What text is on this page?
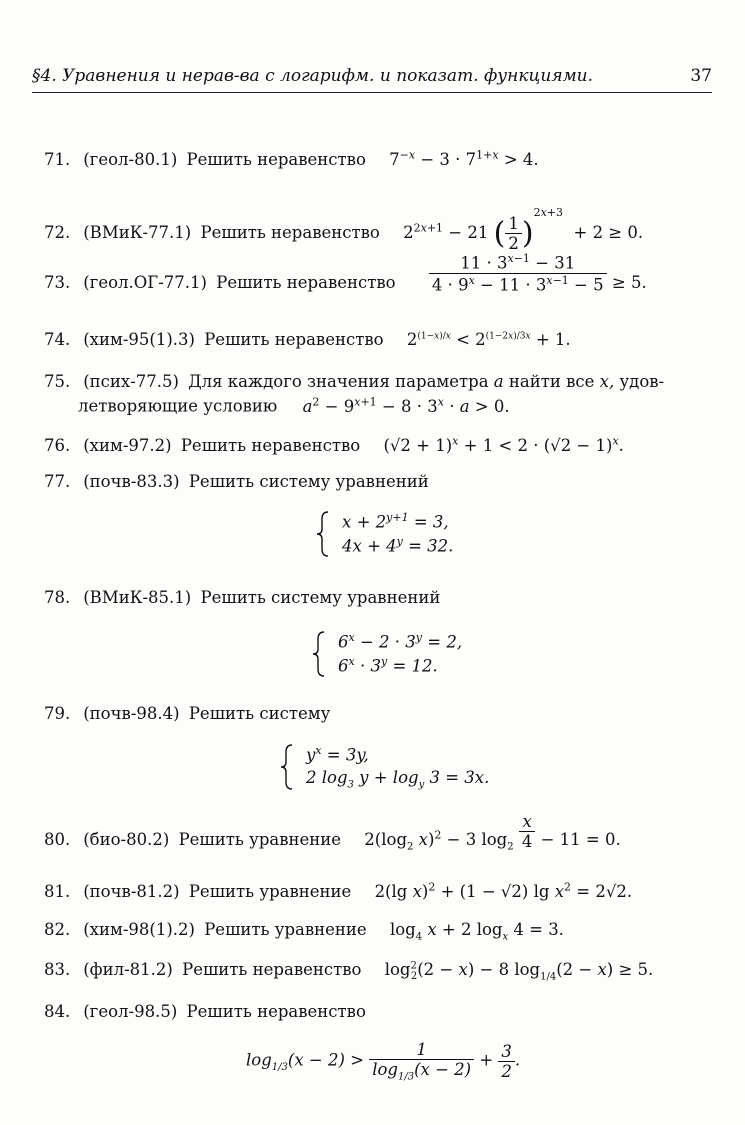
§4. Уравнения и нерав-ва с логарифм. и показат. функциями.	37
71. (геол-80.1) Решить неравенство $7^{-x} - 3 \cdot 7^{1+x} > 4$.
72. (ВМиК-77.1) Решить неравенство $2^{2x+1} - 21$ ( $\frac{1}{2} )^{2x+3} + 2 \ge 0$.
73. (геол.ОГ-77.1) Решить неравенство $\frac{11 \cdot 3^{x-1} - 31}{4 \cdot 9^x - 11 \cdot 3^{x-1} - 5} \ge 5$.
74. (хим-95(1).3) Решить неравенство $2^{(1-x)/x} < 2^{(1-2x)/3x} + 1$.
75. (псих-77.5) Для каждого значения параметра a найти все x, удов-
летворяющие условию $a^2 - 9^{x+1} - 8 \cdot 3^x \cdot a > 0$.
76. (хим-97.2) Решить неравенство $(√2 + 1)^x + 1 < 2 \cdot (√2 - 1)^x$.
77. (почв-83.3) Решить систему уравнений
$x + 2^{y+1} = 3$,
$4x + 4^y = 32$.
78. (ВМиК-85.1) Решить систему уравнений
$6^x - 2 \cdot 3^y = 2$,
$6^x \cdot 3^y = 12$.
79. (почв-98.4) Решить систему
$y^x = 3y$,
2 $\log_3 y + \log_y 3 = 3x$.
80. (био-80.2) Решить уравнение $2(\log_2$ x)$^2$ − 3 $\log_2 \frac{x}{4} - 11 = 0$.
81. (почв-81.2) Решить уравнение 2(lg x)$^2$ + (1 − √2) $\lg x^2 = 2√2$.
82. (хим-98(1).2) Решить уравнение $\log_4 x + 2$ $\log_x 4 = 3$.
83. (фил-81.2) Решить неравенство $\log^2_2(2 - x) - 8$ $\log_{1/4}(2 - x) \ge 5$.
84. (геол-98.5) Решить неравенство
$\log_{1/3}(x - 2) > \frac{1}{\log_{1/3}(x - 2)} + \frac{3}{2}$ .
